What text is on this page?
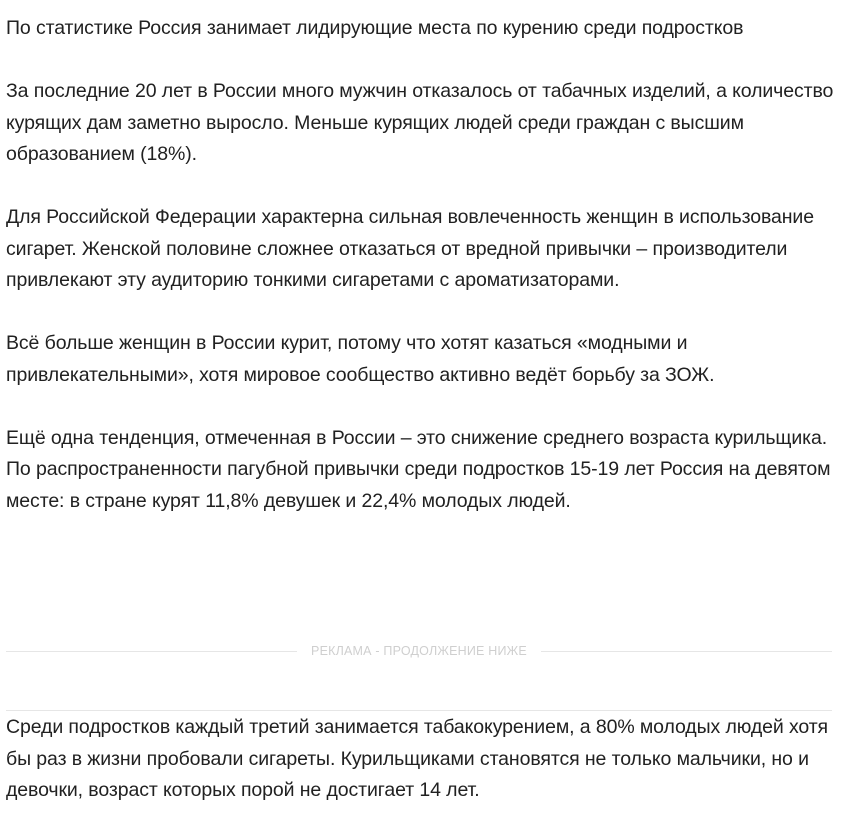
По статистике Россия занимает лидирующие места по курению среди подростков

За последние 20 лет в России много мужчин отказалось от табачных изделий, а количество курящих дам заметно выросло. Меньше курящих людей среди граждан с высшим образованием (18%).

Для Российской Федерации характерна сильная вовлеченность женщин в использование сигарет. Женской половине сложнее отказаться от вредной привычки – производители привлекают эту аудиторию тонкими сигаретами с ароматизаторами.

Всё больше женщин в России курит, потому что хотят казаться «модными и привлекательными», хотя мировое сообщество активно ведёт борьбу за ЗОЖ.

Ещё одна тенденция, отмеченная в России – это снижение среднего возраста курильщика. По распространенности пагубной привычки среди подростков 15-19 лет Россия на девятом месте: в стране курят 11,8% девушек и 22,4% молодых людей.

РЕКЛАМА - ПРОДОЛЖЕНИЕ НИЖЕ

Среди подростков каждый третий занимается табакокурением, а 80% молодых людей хотя бы раз в жизни пробовали сигареты. Курильщиками становятся не только мальчики, но и девочки, возраст которых порой не достигает 14 лет.
